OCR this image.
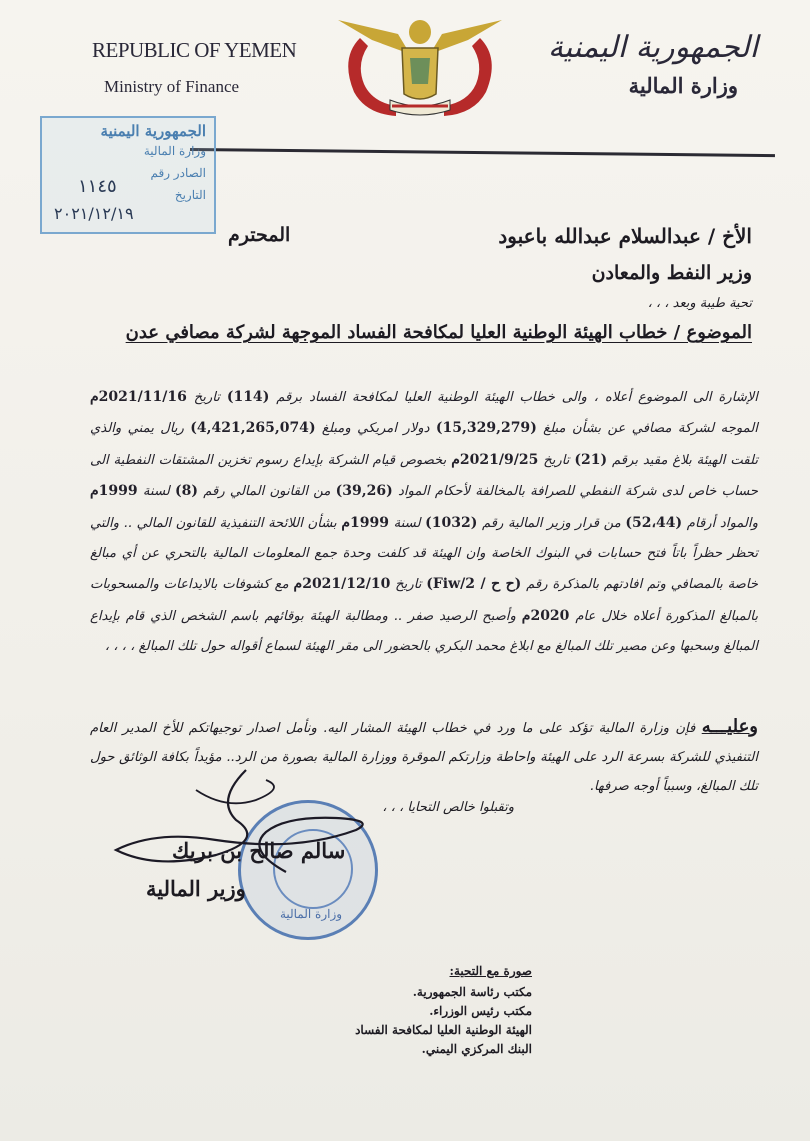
REPUBLIC OF YEMEN
Ministry of Finance
الجمهورية اليمنية
وزارة المالية
الجمهورية اليمنية
وزارة المالية
الصادر رقم
التاريخ
١١٤٥
٢٠٢١/١٢/١٩
الأخ / عبدالسلام عبدالله باعبود
المحترم
وزير النفط والمعادن
تحية طيبة وبعد ، ، ،
الموضوع / خطاب الهيئة الوطنية العليا لمكافحة الفساد الموجهة لشركة مصافي عدن

الإشارة الى الموضوع أعلاه ، والى خطاب الهيئة الوطنية العليا لمكافحة الفساد برقم (114) تاريخ 2021/11/16م الموجه لشركة مصافي عن بشأن مبلغ (15,329,279) دولار امريكي ومبلغ (4,421,265,074) ريال يمني والذي تلقت الهيئة بلاغ مقيد برقم (21) تاريخ 2021/9/25م بخصوص قيام الشركة بإيداع رسوم تخزين المشتقات النفطية الى حساب خاص لدى شركة النفطي للصرافة بالمخالفة لأحكام المواد (39,26) من القانون المالي رقم (8) لسنة 1999م والمواد أرقام (52،44) من قرار وزير المالية رقم (1032) لسنة 1999م بشأن اللائحة التنفيذية للقانون المالي .. والتي تحظر حظراً باتاً فتح حسابات في البنوك الخاصة وان الهيئة قد كلفت وحدة جمع المعلومات المالية بالتحري عن أي مبالغ خاصة بالمصافي وتم افادتهم بالمذكرة رقم (ح ح / 2/Fiw) تاريخ 2021/12/10م مع كشوفات بالايداعات والمسحوبات بالمبالغ المذكورة أعلاه خلال عام 2020م وأصبح الرصيد صفر .. ومطالبة الهيئة بوقائهم باسم الشخص الذي قام بإيداع المبالغ وسحبها وعن مصير تلك المبالغ مع ابلاغ محمد البكري بالحضور الى مقر الهيئة لسماع أقواله حول تلك المبالغ ، ، ، ،

وعليـــه فإن وزارة المالية تؤكد على ما ورد في خطاب الهيئة المشار اليه. ونأمل اصدار توجيهاتكم للأخ المدير العام التنفيذي للشركة بسرعة الرد على الهيئة واحاطة وزارتكم الموقرة ووزارة المالية بصورة من الرد.. مؤيداً بكافة الوثائق حول تلك المبالغ، وسبباً أوجه صرفها.
وتقبلوا خالص التحايا ، ، ،
وزارة المالية
سالم صالح بن بريك
وزير المالية
صورة مع التحية:
مكتب رئاسة الجمهورية.
مكتب رئيس الوزراء.
الهيئة الوطنية العليا لمكافحة الفساد
البنك المركزي اليمني.
